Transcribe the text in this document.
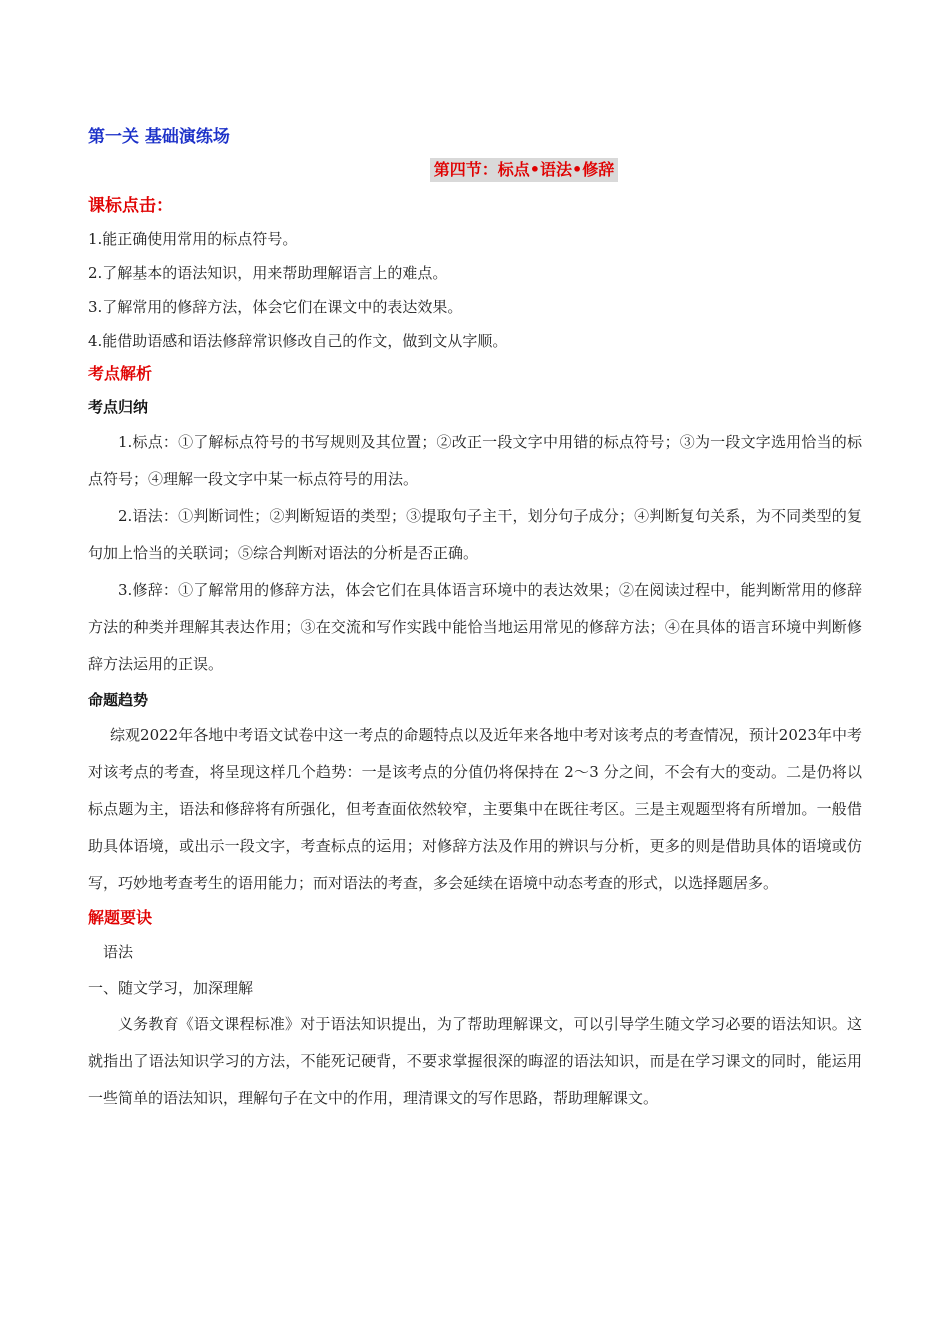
第一关 基础演练场

第四节：标点•语法•修辞

课标点击：

1.能正确使用常用的标点符号。

2.了解基本的语法知识，用来帮助理解语言上的难点。

3.了解常用的修辞方法，体会它们在课文中的表达效果。

4.能借助语感和语法修辞常识修改自己的作文，做到文从字顺。

考点解析

考点归纳

1.标点：①了解标点符号的书写规则及其位置；②改正一段文字中用错的标点符号；③为一段文字选用恰当的标点符号；④理解一段文字中某一标点符号的用法。

2.语法：①判断词性；②判断短语的类型；③提取句子主干，划分句子成分；④判断复句关系，为不同类型的复句加上恰当的关联词；⑤综合判断对语法的分析是否正确。

3.修辞：①了解常用的修辞方法，体会它们在具体语言环境中的表达效果；②在阅读过程中，能判断常用的修辞方法的种类并理解其表达作用；③在交流和写作实践中能恰当地运用常见的修辞方法；④在具体的语言环境中判断修辞方法运用的正误。

命题趋势

综观2022年各地中考语文试卷中这一考点的命题特点以及近年来各地中考对该考点的考查情况，预计2023年中考对该考点的考查，将呈现这样几个趋势：一是该考点的分值仍将保持在 2～3 分之间，不会有大的变动。二是仍将以标点题为主，语法和修辞将有所强化，但考查面依然较窄，主要集中在既往考区。三是主观题型将有所增加。一般借助具体语境，或出示一段文字，考查标点的运用；对修辞方法及作用的辨识与分析，更多的则是借助具体的语境或仿写，巧妙地考查考生的语用能力；而对语法的考查，多会延续在语境中动态考查的形式，以选择题居多。

解题要诀

语法

一、随文学习，加深理解

义务教育《语文课程标准》对于语法知识提出，为了帮助理解课文，可以引导学生随文学习必要的语法知识。这就指出了语法知识学习的方法，不能死记硬背，不要求掌握很深的晦涩的语法知识，而是在学习课文的同时，能运用一些简单的语法知识，理解句子在文中的作用，理清课文的写作思路，帮助理解课文。
